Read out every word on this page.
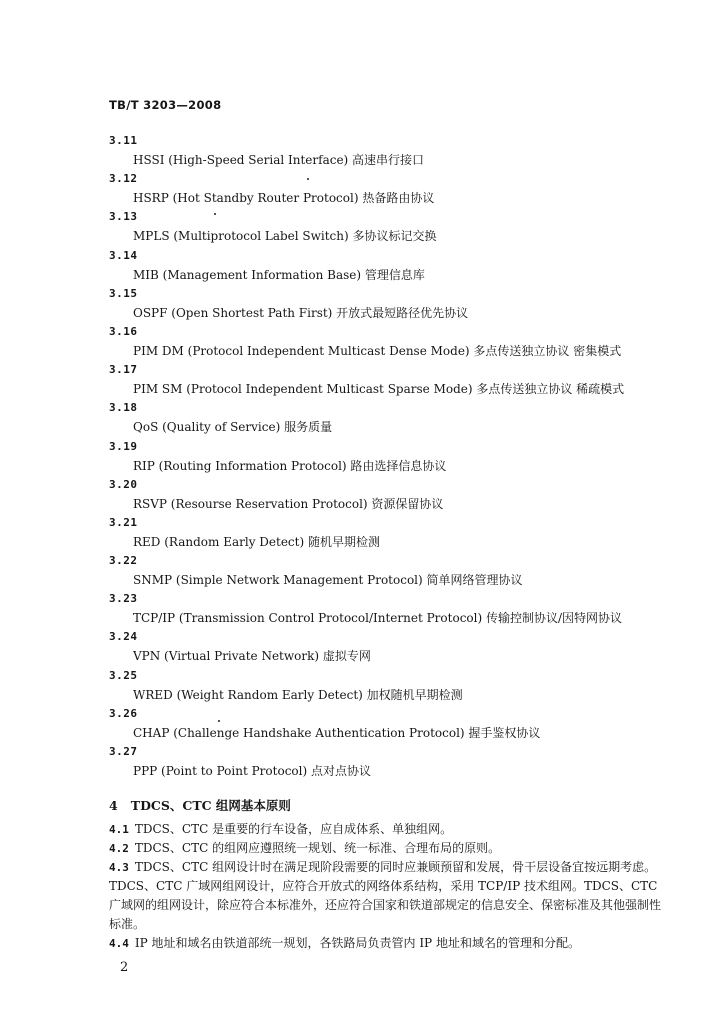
TB/T 3203—2008
3.11
HSSI (High-Speed Serial Interface) 高速串行接口
3.12
HSRP (Hot Standby Router Protocol) 热备路由协议
3.13
MPLS (Multiprotocol Label Switch) 多协议标记交换
3.14
MIB (Management Information Base) 管理信息库
3.15
OSPF (Open Shortest Path First) 开放式最短路径优先协议
3.16
PIM DM (Protocol Independent Multicast Dense Mode) 多点传送独立协议 密集模式
3.17
PIM SM (Protocol Independent Multicast Sparse Mode) 多点传送独立协议 稀疏模式
3.18
QoS (Quality of Service) 服务质量
3.19
RIP (Routing Information Protocol) 路由选择信息协议
3.20
RSVP (Resourse Reservation Protocol) 资源保留协议
3.21
RED (Random Early Detect) 随机早期检测
3.22
SNMP (Simple Network Management Protocol) 简单网络管理协议
3.23
TCP/IP (Transmission Control Protocol/Internet Protocol) 传输控制协议/因特网协议
3.24
VPN (Virtual Private Network) 虚拟专网
3.25
WRED (Weight Random Early Detect) 加权随机早期检测
3.26
CHAP (Challenge Handshake Authentication Protocol) 握手鉴权协议
3.27
PPP (Point to Point Protocol) 点对点协议
4 TDCS、CTC 组网基本原则
4.1 TDCS、CTC 是重要的行车设备，应自成体系、单独组网。
4.2 TDCS、CTC 的组网应遵照统一规划、统一标准、合理布局的原则。
4.3 TDCS、CTC 组网设计时在满足现阶段需要的同时应兼顾预留和发展，骨干层设备宜按远期考虑。TDCS、CTC 广域网组网设计，应符合开放式的网络体系结构，采用 TCP/IP 技术组网。TDCS、CTC 广域网的组网设计，除应符合本标准外，还应符合国家和铁道部规定的信息安全、保密标准及其他强制性标准。
4.4 IP 地址和域名由铁道部统一规划，各铁路局负责管内 IP 地址和域名的管理和分配。
2
